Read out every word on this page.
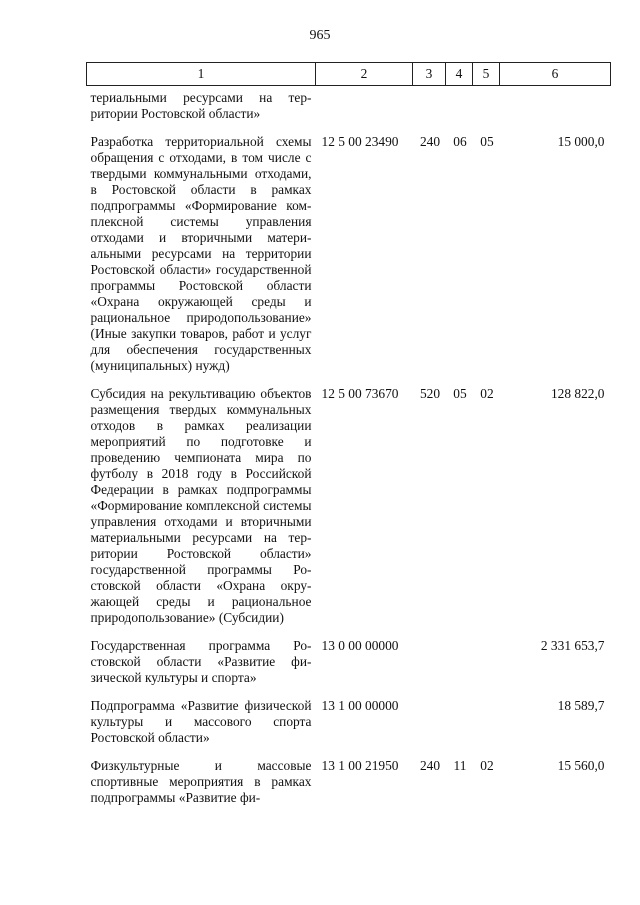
965
1	2	3	4	5	6
териальными ресурсами на территории Ростовской области»					
Разработка территориальной схемы обращения с отходами, в том числе с твердыми коммунальными отходами, в Ростовской области в рамках подпрограммы «Формирование комплексной системы управления отходами и вторичными материальными ресурсами на территории Ростовской области» государственной программы Ростовской области «Охрана окружающей среды и рациональное природопользование» (Иные закупки товаров, работ и услуг для обеспечения государственных (муниципальных) нужд)	12 5 00 23490	240	06	05	15 000,0
Субсидия на рекультивацию объектов размещения твердых коммунальных отходов в рамках реализации мероприятий по подготовке и проведению чемпионата мира по футболу в 2018 году в Российской Федерации в рамках подпрограммы «Формирование комплексной системы управления отходами и вторичными материальными ресурсами на территории Ростовской области» государственной программы Ростовской области «Охрана окружающей среды и рациональное природопользование» (Субсидии)	12 5 00 73670	520	05	02	128 822,0
Государственная программа Ростовской области «Развитие физической культуры и спорта»	13 0 00 00000				2 331 653,7
Подпрограмма «Развитие физической культуры и массового спорта Ростовской области»	13 1 00 00000				18 589,7
Физкультурные и массовые спортивные мероприятия в рамках подпрограммы «Развитие фи-	13 1 00 21950	240	11	02	15 560,0
